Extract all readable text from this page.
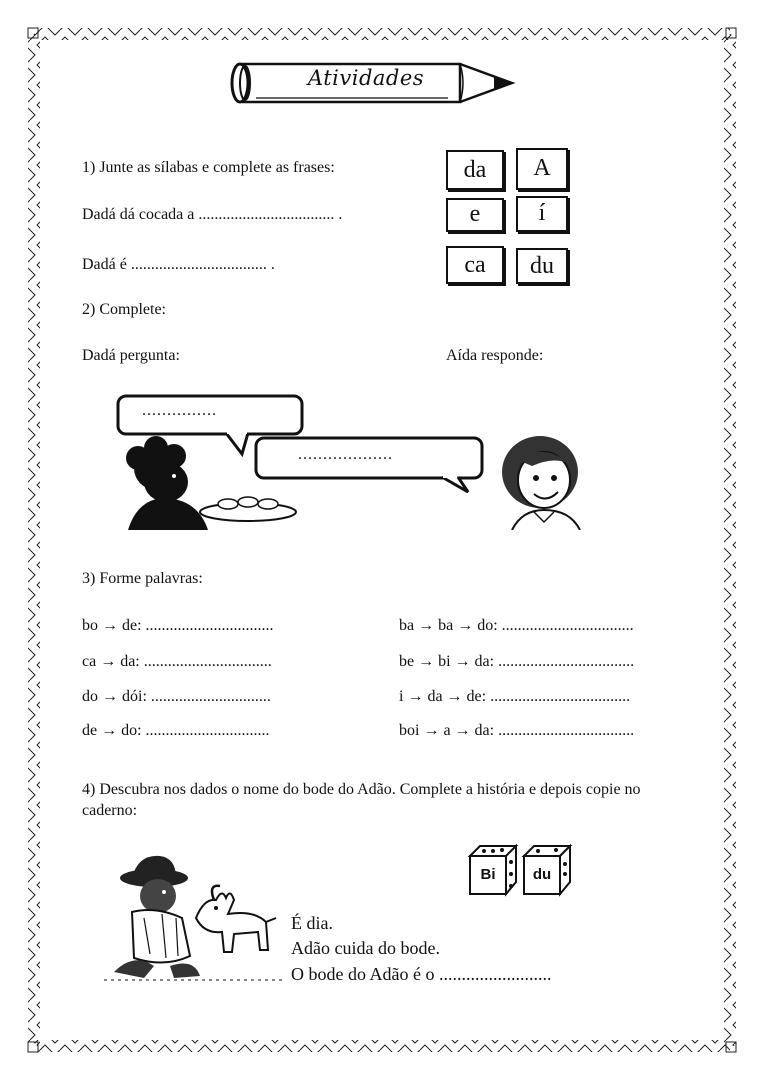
Atividades
1) Junte as sílabas e complete as frases:
Dadá dá cocada a .................................. .
Dadá é .................................. .
da	A
e	í
ca	du
2) Complete:
Dadá pergunta:	Aída responde:
...............
...................
3) Forme palavras:
bo → de: ................................
ca → da: ................................
do → dói: ..............................
de → do: ...............................
ba → ba → do: .................................
be → bi → da: ..................................
i → da → de: ...................................
boi → a → da: ..................................
4) Descubra nos dados o nome do bode do Adão. Complete a história e depois copie no caderno:
Bi	du
É dia.
Adão cuida do bode.
O bode do Adão é o .........................
